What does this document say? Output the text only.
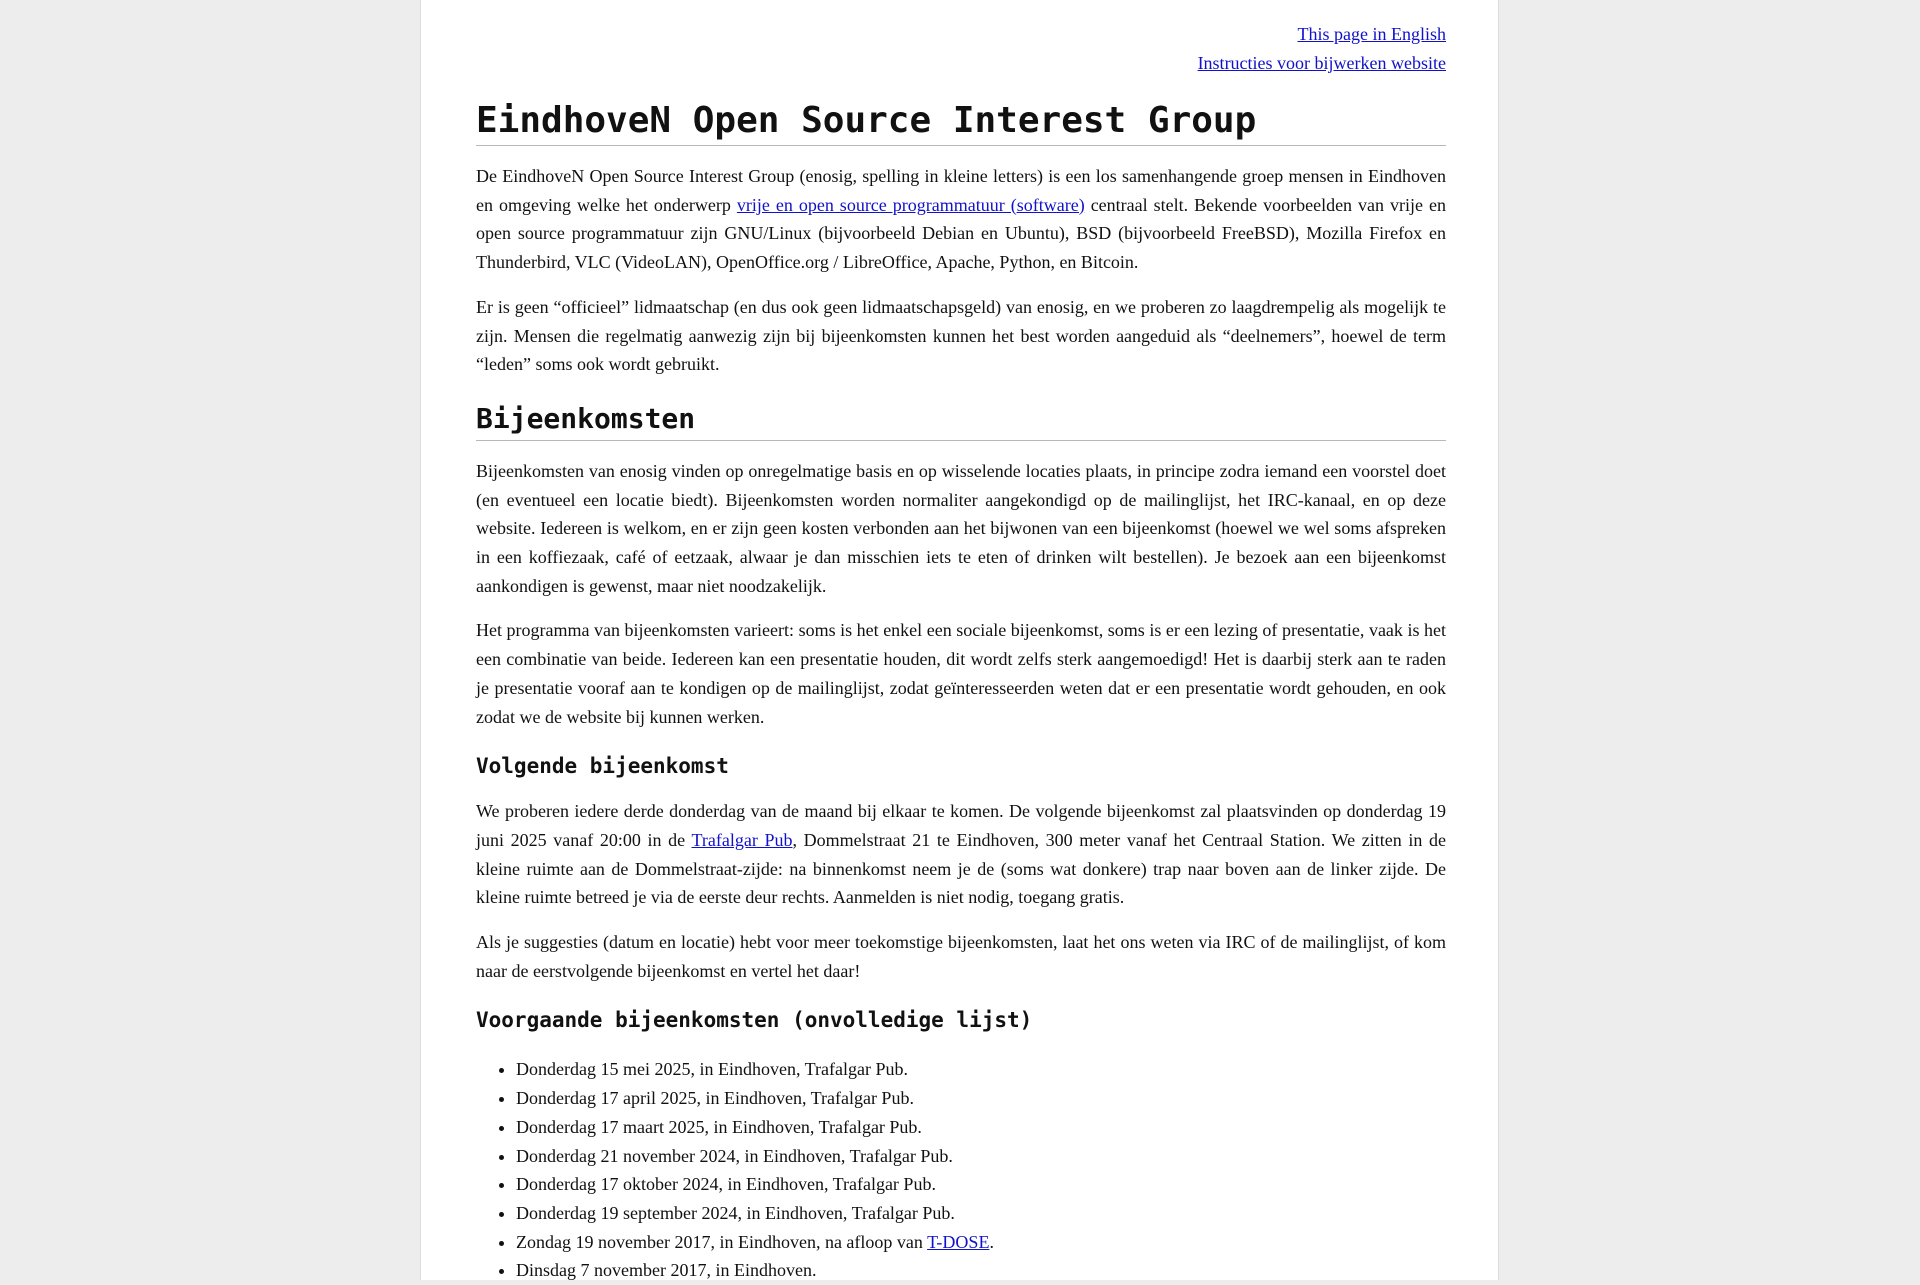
This page in English
Instructies voor bijwerken website
EindhoveN Open Source Interest Group

De EindhoveN Open Source Interest Group (enosig, spelling in kleine letters) is een los samenhangende groep mensen in Eindhoven en omgeving welke het onderwerp vrije en open source programmatuur (software) centraal stelt. Bekende voorbeelden van vrije en open source programmatuur zijn GNU/Linux (bijvoorbeeld Debian en Ubuntu), BSD (bijvoorbeeld FreeBSD), Mozilla Firefox en Thunderbird, VLC (VideoLAN), OpenOffice.org / LibreOffice, Apache, Python, en Bitcoin.

Er is geen “officieel” lidmaatschap (en dus ook geen lidmaatschapsgeld) van enosig, en we proberen zo laagdrempelig als mogelijk te zijn. Mensen die regelmatig aanwezig zijn bij bijeenkomsten kunnen het best worden aangeduid als “deelnemers”, hoewel de term “leden” soms ook wordt gebruikt.

Bijeenkomsten

Bijeenkomsten van enosig vinden op onregelmatige basis en op wisselende locaties plaats, in principe zodra iemand een voorstel doet (en eventueel een locatie biedt). Bijeenkomsten worden normaliter aangekondigd op de mailinglijst, het IRC-kanaal, en op deze website. Iedereen is welkom, en er zijn geen kosten verbonden aan het bijwonen van een bijeenkomst (hoewel we wel soms afspreken in een koffiezaak, café of eetzaak, alwaar je dan misschien iets te eten of drinken wilt bestellen). Je bezoek aan een bijeenkomst aankondigen is gewenst, maar niet noodzakelijk.

Het programma van bijeenkomsten varieert: soms is het enkel een sociale bijeenkomst, soms is er een lezing of presentatie, vaak is het een combinatie van beide. Iedereen kan een presentatie houden, dit wordt zelfs sterk aangemoedigd! Het is daarbij sterk aan te raden je presentatie vooraf aan te kondigen op de mailinglijst, zodat geïnteresseerden weten dat er een presentatie wordt gehouden, en ook zodat we de website bij kunnen werken.

Volgende bijeenkomst

We proberen iedere derde donderdag van de maand bij elkaar te komen. De volgende bijeenkomst zal plaatsvinden op donderdag 19 juni 2025 vanaf 20:00 in de Trafalgar Pub, Dommelstraat 21 te Eindhoven, 300 meter vanaf het Centraal Station. We zitten in de kleine ruimte aan de Dommelstraat-zijde: na binnenkomst neem je de (soms wat donkere) trap naar boven aan de linker zijde. De kleine ruimte betreed je via de eerste deur rechts. Aanmelden is niet nodig, toegang gratis.

Als je suggesties (datum en locatie) hebt voor meer toekomstige bijeenkomsten, laat het ons weten via IRC of de mailinglijst, of kom naar de eerstvolgende bijeenkomst en vertel het daar!

Voorgaande bijeenkomsten (onvolledige lijst)
• Donderdag 15 mei 2025, in Eindhoven, Trafalgar Pub.
• Donderdag 17 april 2025, in Eindhoven, Trafalgar Pub.
• Donderdag 17 maart 2025, in Eindhoven, Trafalgar Pub.
• Donderdag 21 november 2024, in Eindhoven, Trafalgar Pub.
• Donderdag 17 oktober 2024, in Eindhoven, Trafalgar Pub.
• Donderdag 19 september 2024, in Eindhoven, Trafalgar Pub.
• Zondag 19 november 2017, in Eindhoven, na afloop van T-DOSE.
• Dinsdag 7 november 2017, in Eindhoven.
